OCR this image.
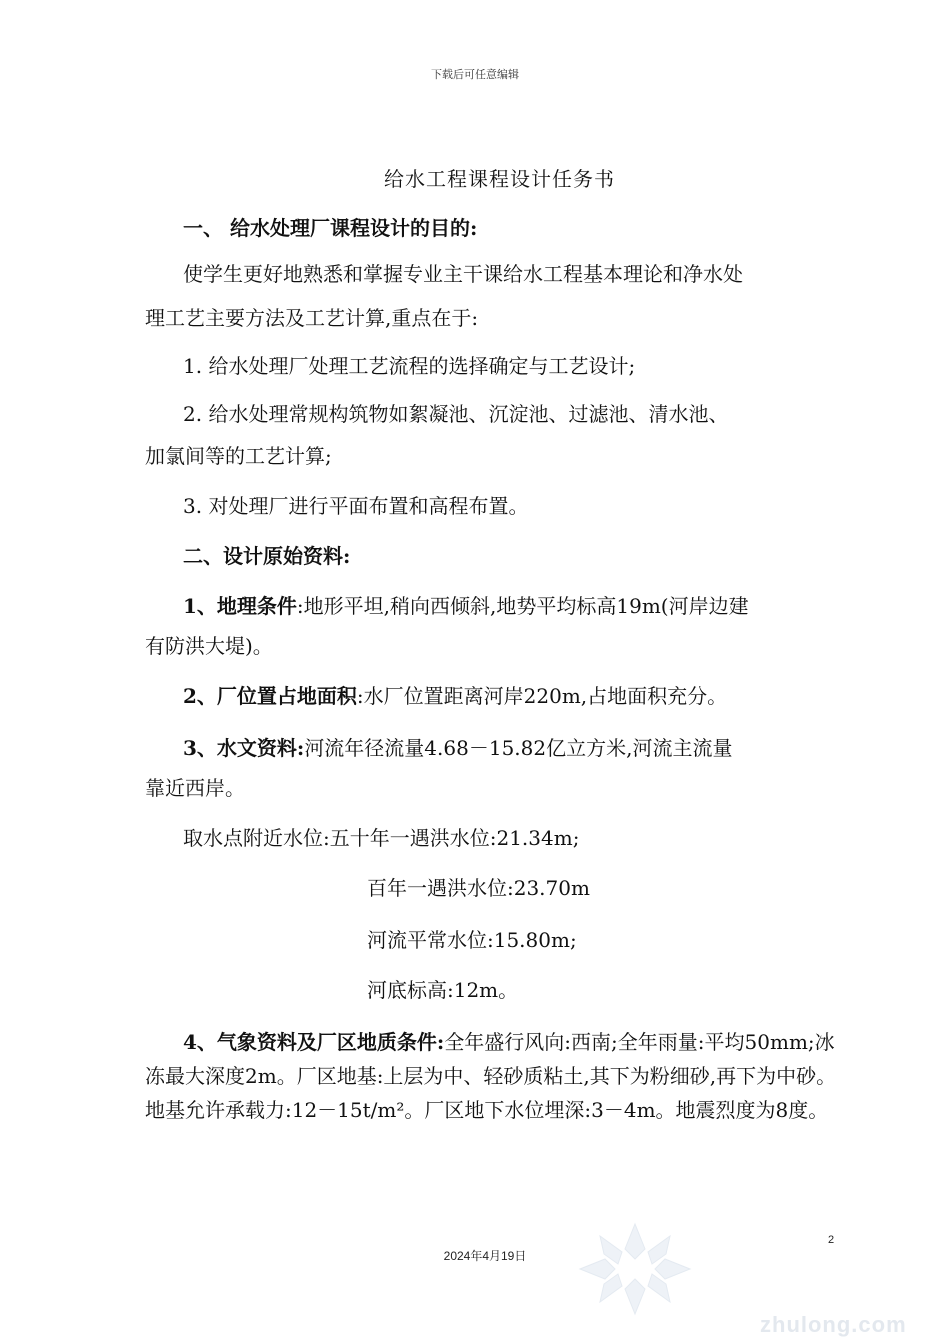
下载后可任意编辑
给水工程课程设计任务书
一、 给水处理厂课程设计的目的:
使学生更好地熟悉和掌握专业主干课给水工程基本理论和净水处
理工艺主要方法及工艺计算,重点在于:
1. 给水处理厂处理工艺流程的选择确定与工艺设计;
2. 给水处理常规构筑物如絮凝池、沉淀池、过滤池、清水池、
加氯间等的工艺计算;
3. 对处理厂进行平面布置和高程布置。
二、设计原始资料:
1、地理条件:地形平坦,稍向西倾斜,地势平均标高19m(河岸边建
有防洪大堤)。
2、厂位置占地面积:水厂位置距离河岸220m,占地面积充分。
3、水文资料:河流年径流量4.68－15.82亿立方米,河流主流量
靠近西岸。
取水点附近水位:五十年一遇洪水位:21.34m;
百年一遇洪水位:23.70m
河流平常水位:15.80m;
河底标高:12m。
4、气象资料及厂区地质条件:全年盛行风向:西南;全年雨量:平均50mm;冰冻最大深度2m。厂区地基:上层为中、轻砂质粘土,其下为粉细砂,再下为中砂。地基允许承载力:12－15t/m²。厂区地下水位埋深:3－4m。地震烈度为8度。
2
2024年4月19日
zhulong.com
